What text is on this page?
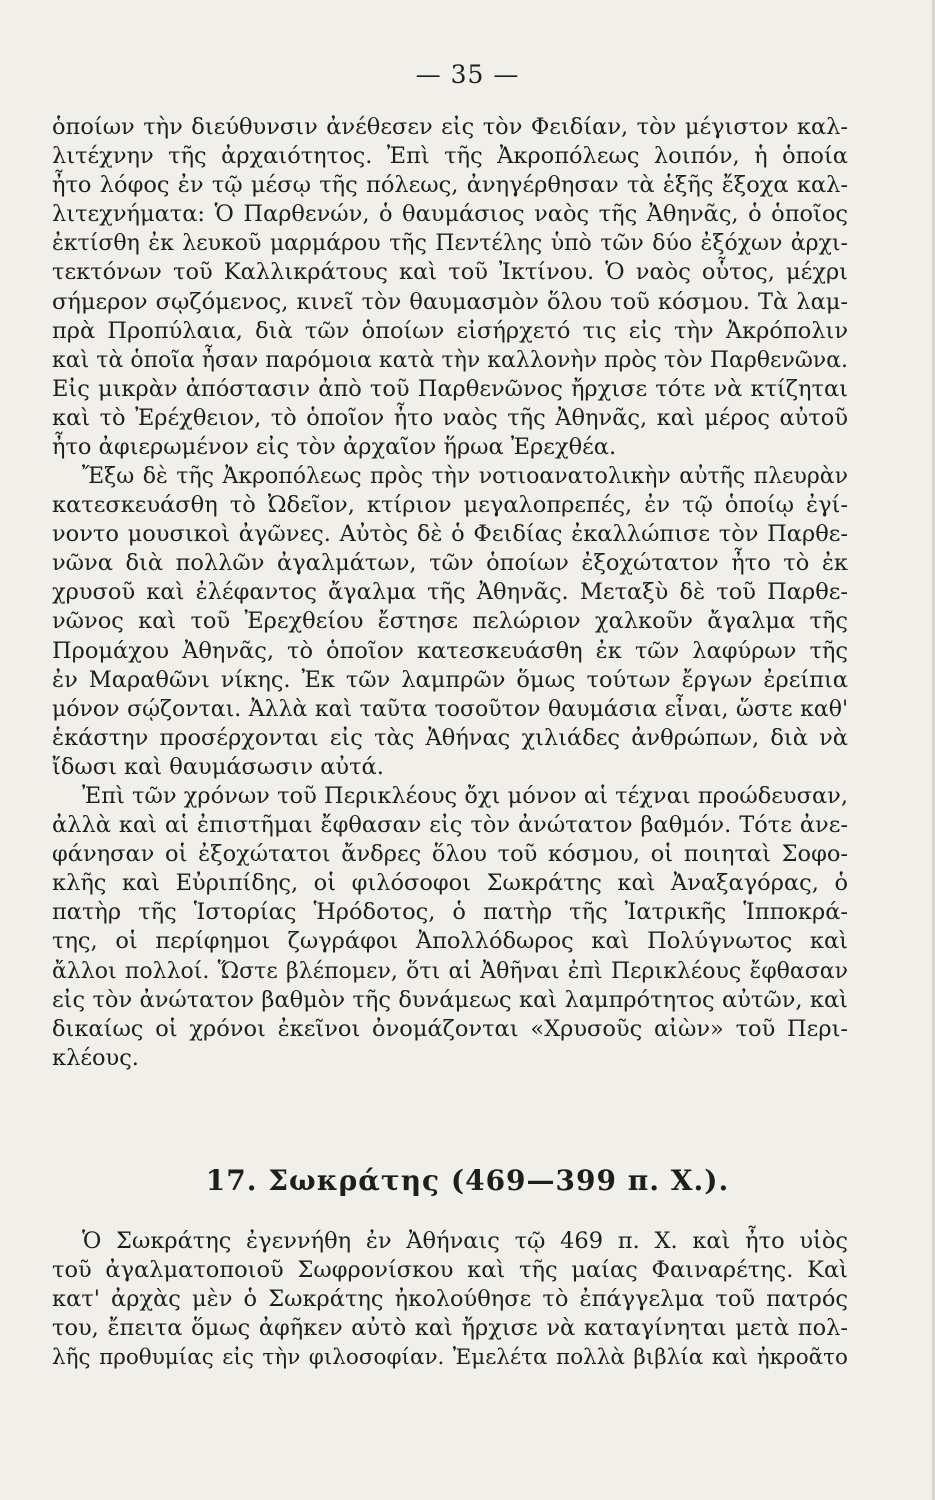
— 35 —
ὁποίων τὴν διεύθυνσιν ἀνέθεσεν εἰς τὸν Φειδίαν, τὸν μέγιστον καλ-
λιτέχνην τῆς ἀρχαιότητος. Ἐπὶ τῆς Ἀκροπόλεως λοιπόν, ἡ ὁποία
ἦτο λόφος ἐν τῷ μέσῳ τῆς πόλεως, ἀνηγέρθησαν τὰ ἑξῆς ἔξοχα καλ-
λιτεχνήματα: Ὁ Παρθενών, ὁ θαυμάσιος ναὸς τῆς Ἀθηνᾶς, ὁ ὁποῖος
ἐκτίσθη ἐκ λευκοῦ μαρμάρου τῆς Πεντέλης ὑπὸ τῶν δύο ἐξόχων ἀρχι-
τεκτόνων τοῦ Καλλικράτους καὶ τοῦ Ἰκτίνου. Ὁ ναὸς οὗτος, μέχρι
σήμερον σῳζόμενος, κινεῖ τὸν θαυμασμὸν ὅλου τοῦ κόσμου. Τὰ λαμ-
πρὰ Προπύλαια, διὰ τῶν ὁποίων εἰσήρχετό τις εἰς τὴν Ἀκρόπολιν
καὶ τὰ ὁποῖα ἦσαν παρόμοια κατὰ τὴν καλλονὴν πρὸς τὸν Παρθενῶνα.
Εἰς μικρὰν ἀπόστασιν ἀπὸ τοῦ Παρθενῶνος ἤρχισε τότε νὰ κτίζηται
καὶ τὸ Ἐρέχθειον, τὸ ὁποῖον ἦτο ναὸς τῆς Ἀθηνᾶς, καὶ μέρος αὐτοῦ
ἦτο ἀφιερωμένον εἰς τὸν ἀρχαῖον ἥρωα Ἐρεχθέα.
Ἔξω δὲ τῆς Ἀκροπόλεως πρὸς τὴν νοτιοανατολικὴν αὐτῆς πλευρὰν
κατεσκευάσθη τὸ Ὠδεῖον, κτίριον μεγαλοπρεπές, ἐν τῷ ὁποίῳ ἐγί-
νοντο μουσικοὶ ἀγῶνες. Αὐτὸς δὲ ὁ Φειδίας ἐκαλλώπισε τὸν Παρθε-
νῶνα διὰ πολλῶν ἀγαλμάτων, τῶν ὁποίων ἐξοχώτατον ἦτο τὸ ἐκ
χρυσοῦ καὶ ἐλέφαντος ἄγαλμα τῆς Ἀθηνᾶς. Μεταξὺ δὲ τοῦ Παρθε-
νῶνος καὶ τοῦ Ἐρεχθείου ἔστησε πελώριον χαλκοῦν ἄγαλμα τῆς
Προμάχου Ἀθηνᾶς, τὸ ὁποῖον κατεσκευάσθη ἐκ τῶν λαφύρων τῆς
ἐν Μαραθῶνι νίκης. Ἐκ τῶν λαμπρῶν ὅμως τούτων ἔργων ἐρείπια
μόνον σῴζονται. Ἀλλὰ καὶ ταῦτα τοσοῦτον θαυμάσια εἶναι, ὥστε καθ'
ἑκάστην προσέρχονται εἰς τὰς Ἀθήνας χιλιάδες ἀνθρώπων, διὰ νὰ
ἴδωσι καὶ θαυμάσωσιν αὐτά.
Ἐπὶ τῶν χρόνων τοῦ Περικλέους ὄχι μόνον αἱ τέχναι προώδευσαν,
ἀλλὰ καὶ αἱ ἐπιστῆμαι ἔφθασαν εἰς τὸν ἀνώτατον βαθμόν. Τότε ἀνε-
φάνησαν οἱ ἐξοχώτατοι ἄνδρες ὅλου τοῦ κόσμου, οἱ ποιηταὶ Σοφο-
κλῆς καὶ Εὐριπίδης, οἱ φιλόσοφοι Σωκράτης καὶ Ἀναξαγόρας, ὁ
πατὴρ τῆς Ἱστορίας Ἡρόδοτος, ὁ πατὴρ τῆς Ἰατρικῆς Ἱπποκρά-
της, οἱ περίφημοι ζωγράφοι Ἀπολλόδωρος καὶ Πολύγνωτος καὶ
ἄλλοι πολλοί. Ὥστε βλέπομεν, ὅτι αἱ Ἀθῆναι ἐπὶ Περικλέους ἔφθασαν
εἰς τὸν ἀνώτατον βαθμὸν τῆς δυνάμεως καὶ λαμπρότητος αὐτῶν, καὶ
δικαίως οἱ χρόνοι ἐκεῖνοι ὀνομάζονται «Χρυσοῦς αἰὼν» τοῦ Περι-
κλέους.
17. Σωκράτης (469—399 π. Χ.).
Ὁ Σωκράτης ἐγεννήθη ἐν Ἀθήναις τῷ 469 π. Χ. καὶ ἦτο υἱὸς
τοῦ ἀγαλματοποιοῦ Σωφρονίσκου καὶ τῆς μαίας Φαιναρέτης. Καὶ
κατ' ἀρχὰς μὲν ὁ Σωκράτης ἠκολούθησε τὸ ἐπάγγελμα τοῦ πατρός
του, ἔπειτα ὅμως ἀφῆκεν αὐτὸ καὶ ἤρχισε νὰ καταγίνηται μετὰ πολ-
λῆς προθυμίας εἰς τὴν φιλοσοφίαν. Ἐμελέτα πολλὰ βιβλία καὶ ἠκροᾶτο
